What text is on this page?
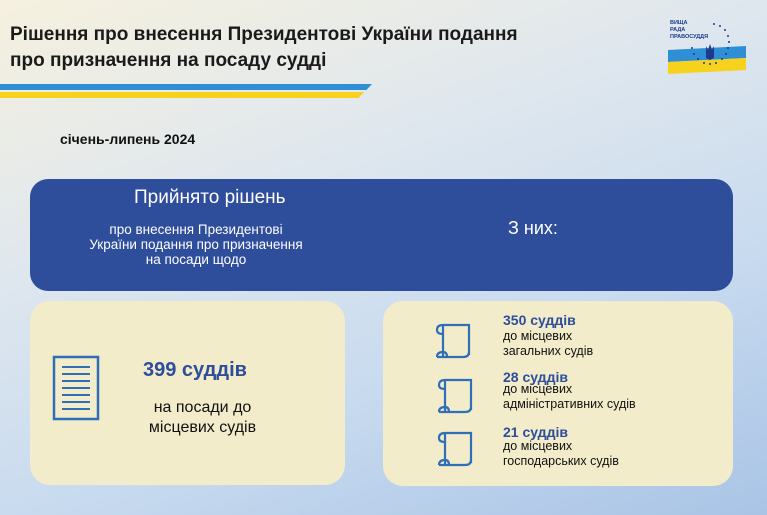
Рішення про внесення Президентові України подання
про призначення на посаду судді
ВИЩА
РАДА
ПРАВОСУДДЯ
січень-липень 2024
Прийнято рішень
про внесення Президентові України подання про призначення на посади щодо
З них:
399 суддів
на посади до місцевих судів
350 суддів
до місцевих
загальних судів
28 суддів
до місцевих
адміністративних судів
21 суддів
до місцевих
господарських судів
